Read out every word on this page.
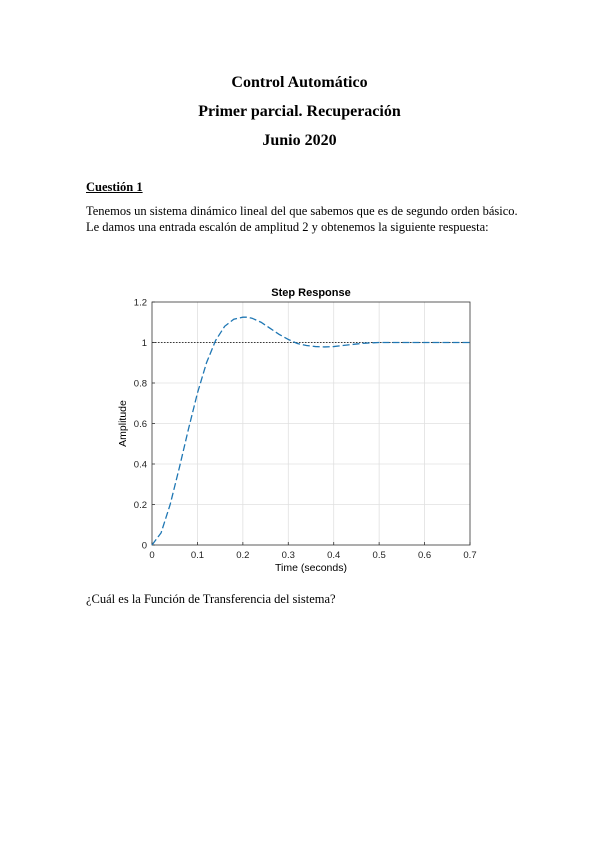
Control Automático
Primer parcial. Recuperación
Junio 2020
Cuestión 1
Tenemos un sistema dinámico lineal del que sabemos que es de segundo orden básico.
Le damos una entrada escalón de amplitud 2 y obtenemos la siguiente respuesta:
0	0.1	0.2	0.3	0.4	0.5	0.6	0.7
0
0.2
0.4
0.6
0.8
1
1.2
Step Response
Time (seconds)
Amplitude
¿Cuál es la Función de Transferencia del sistema?
